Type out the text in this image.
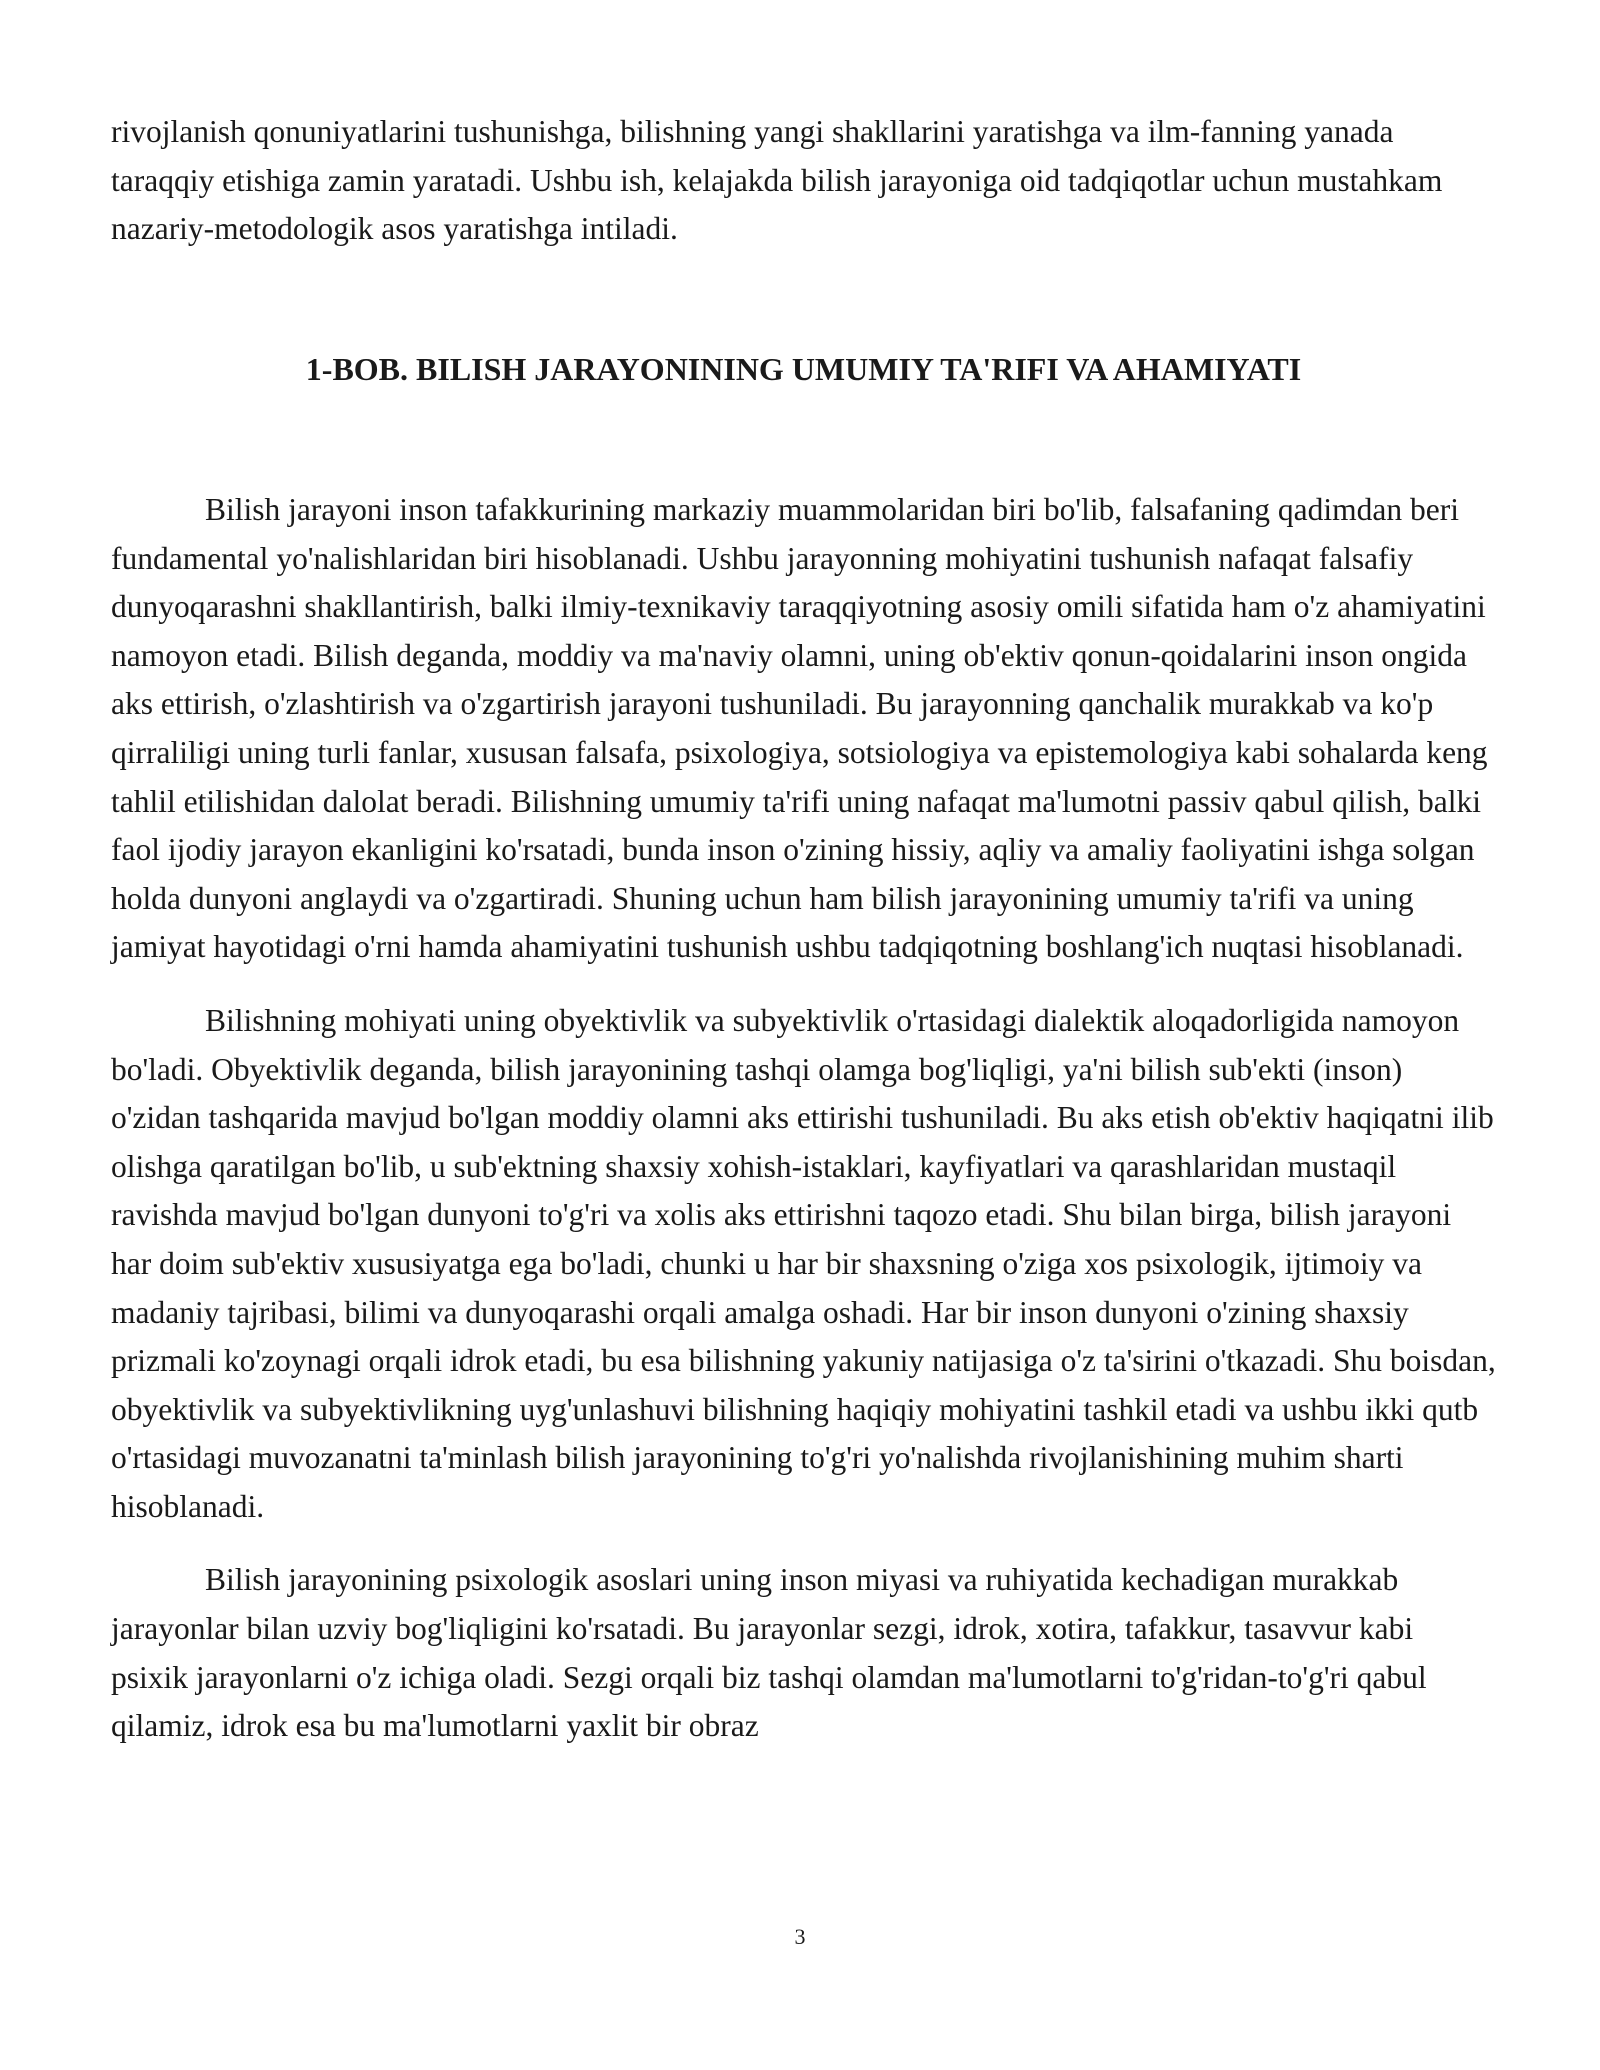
rivojlanish qonuniyatlarini tushunishga, bilishning yangi shakllarini yaratishga va ilm-fanning yanada taraqqiy etishiga zamin yaratadi. Ushbu ish, kelajakda bilish jarayoniga oid tadqiqotlar uchun mustahkam nazariy-metodologik asos yaratishga intiladi.

1-BOB. BILISH JARAYONINING UMUMIY TA'RIFI VA AHAMIYATI

Bilish jarayoni inson tafakkurining markaziy muammolaridan biri bo'lib, falsafaning qadimdan beri fundamental yo'nalishlaridan biri hisoblanadi. Ushbu jarayonning mohiyatini tushunish nafaqat falsafiy dunyoqarashni shakllantirish, balki ilmiy-texnikaviy taraqqiyotning asosiy omili sifatida ham o'z ahamiyatini namoyon etadi. Bilish deganda, moddiy va ma'naviy olamni, uning ob'ektiv qonun-qoidalarini inson ongida aks ettirish, o'zlashtirish va o'zgartirish jarayoni tushuniladi. Bu jarayonning qanchalik murakkab va ko'p qirraliligi uning turli fanlar, xususan falsafa, psixologiya, sotsiologiya va epistemologiya kabi sohalarda keng tahlil etilishidan dalolat beradi. Bilishning umumiy ta'rifi uning nafaqat ma'lumotni passiv qabul qilish, balki faol ijodiy jarayon ekanligini ko'rsatadi, bunda inson o'zining hissiy, aqliy va amaliy faoliyatini ishga solgan holda dunyoni anglaydi va o'zgartiradi. Shuning uchun ham bilish jarayonining umumiy ta'rifi va uning jamiyat hayotidagi o'rni hamda ahamiyatini tushunish ushbu tadqiqotning boshlang'ich nuqtasi hisoblanadi.

Bilishning mohiyati uning obyektivlik va subyektivlik o'rtasidagi dialektik aloqadorligida namoyon bo'ladi. Obyektivlik deganda, bilish jarayonining tashqi olamga bog'liqligi, ya'ni bilish sub'ekti (inson) o'zidan tashqarida mavjud bo'lgan moddiy olamni aks ettirishi tushuniladi. Bu aks etish ob'ektiv haqiqatni ilib olishga qaratilgan bo'lib, u sub'ektning shaxsiy xohish-istaklari, kayfiyatlari va qarashlaridan mustaqil ravishda mavjud bo'lgan dunyoni to'g'ri va xolis aks ettirishni taqozo etadi. Shu bilan birga, bilish jarayoni har doim sub'ektiv xususiyatga ega bo'ladi, chunki u har bir shaxsning o'ziga xos psixologik, ijtimoiy va madaniy tajribasi, bilimi va dunyoqarashi orqali amalga oshadi. Har bir inson dunyoni o'zining shaxsiy prizmali ko'zoynagi orqali idrok etadi, bu esa bilishning yakuniy natijasiga o'z ta'sirini o'tkazadi. Shu boisdan, obyektivlik va subyektivlikning uyg'unlashuvi bilishning haqiqiy mohiyatini tashkil etadi va ushbu ikki qutb o'rtasidagi muvozanatni ta'minlash bilish jarayonining to'g'ri yo'nalishda rivojlanishining muhim sharti hisoblanadi.

Bilish jarayonining psixologik asoslari uning inson miyasi va ruhiyatida kechadigan murakkab jarayonlar bilan uzviy bog'liqligini ko'rsatadi. Bu jarayonlar sezgi, idrok, xotira, tafakkur, tasavvur kabi psixik jarayonlarni o'z ichiga oladi. Sezgi orqali biz tashqi olamdan ma'lumotlarni to'g'ridan-to'g'ri qabul qilamiz, idrok esa bu ma'lumotlarni yaxlit bir obraz

3
